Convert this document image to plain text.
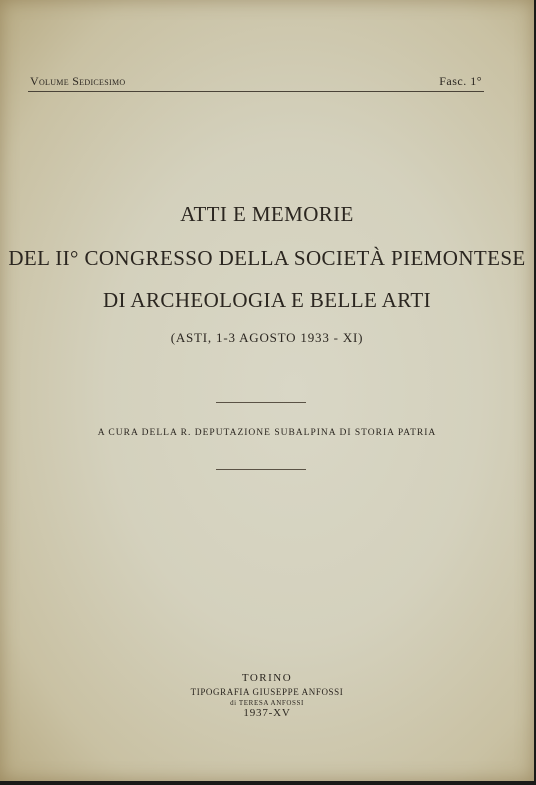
Volume Sedicesimo	Fasc. 1°
ATTI E MEMORIE
DEL II° CONGRESSO DELLA SOCIETÀ PIEMONTESE
DI ARCHEOLOGIA E BELLE ARTI
(ASTI, 1-3 AGOSTO 1933 - XI)
A CURA DELLA R. DEPUTAZIONE SUBALPINA DI STORIA PATRIA
TORINO
TIPOGRAFIA GIUSEPPE ANFOSSI
di TERESA ANFOSSI
1937-XV
